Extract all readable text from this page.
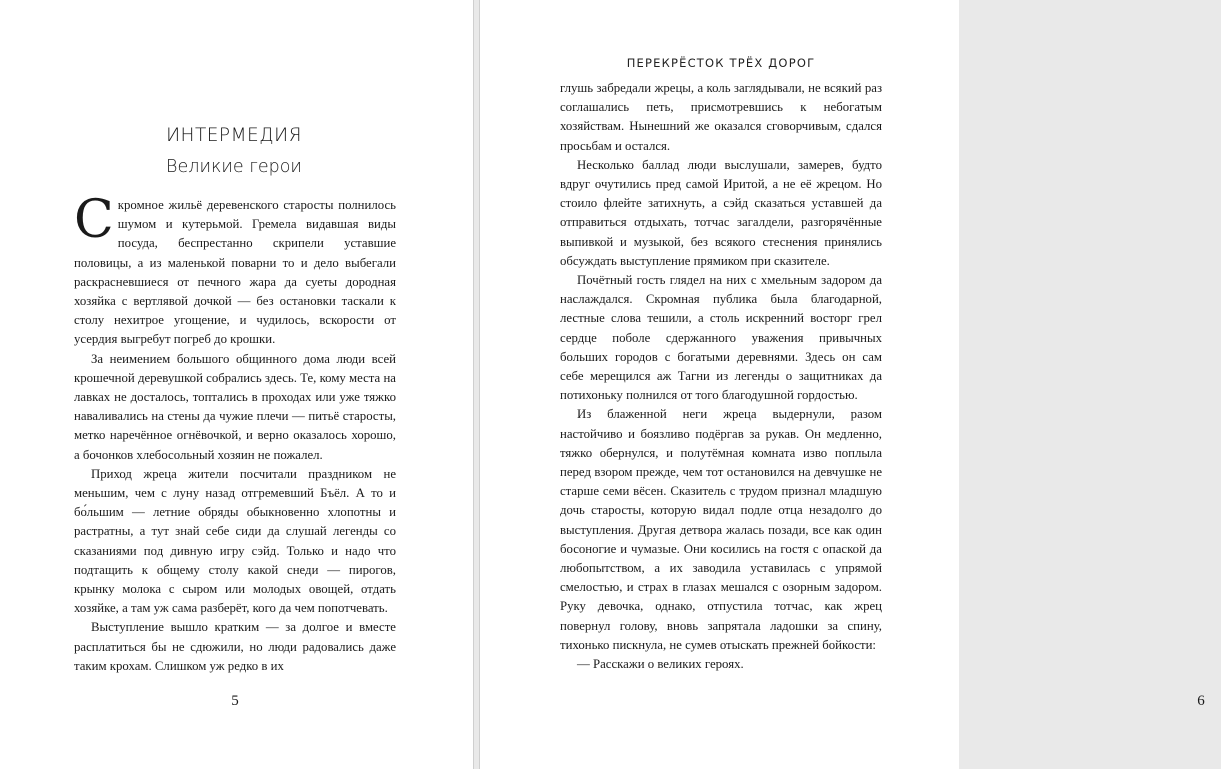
ИНТЕРМЕДИЯ
Великие герои

Скромное жильё деревенского старосты полнилось шумом и кутерьмой. Гремела видавшая виды посуда, беспрестанно скрипели уставшие половицы, а из маленькой поварни то и дело выбегали раскрасневшиеся от печного жара да суеты дородная хозяйка с вертлявой дочкой — без остановки таскали к столу нехитрое угощение, и чудилось, вскорости от усердия выгребут погреб до крошки.

За неимением большого общинного дома люди всей крошечной деревушкой собрались здесь. Те, кому места на лавках не досталось, топтались в проходах или уже тяжко наваливались на стены да чужие плечи — питьё старосты, метко наречённое огнёвочкой, и верно оказалось хорошо, а бочонков хлебосольный хозяин не пожалел.

Приход жреца жители посчитали праздником не меньшим, чем с луну назад отгремевший Бъёл. А то и бо́льшим — летние обряды обыкновенно хлопотны и растратны, а тут знай себе сиди да слушай легенды со сказаниями под дивную игру сэйд. Только и надо что подтащить к общему столу какой снеди — пирогов, крынку молока с сыром или молодых овощей, отдать хозяйке, а там уж сама разберёт, кого да чем попотчевать.

Выступление вышло кратким — за долгое и вместе расплатиться бы не сдюжили, но люди радовались даже таким крохам. Слишком уж редко в их

5
ПЕРЕКРЁСТОК ТРЁХ ДОРОГ

глушь забредали жрецы, а коль заглядывали, не всякий раз соглашались петь, присмотревшись к небогатым хозяйствам. Нынешний же оказался сговорчивым, сдался просьбам и остался.

Несколько баллад люди выслушали, замерев, будто вдруг очутились пред самой Иритой, а не её жрецом. Но стоило флейте затихнуть, а сэйд сказаться уставшей да отправиться отдыхать, тотчас загалдели, разгорячённые выпивкой и музыкой, без всякого стеснения принялись обсуждать выступление прямиком при сказителе.

Почётный гость глядел на них с хмельным задором да наслаждался. Скромная публика была благодарной, лестные слова тешили, а столь искренний восторг грел сердце поболе сдержанного уважения привычных больших городов с богатыми деревнями. Здесь он сам себе мерещился аж Тагни из легенды о защитниках да потихоньку полнился от того благодушной гордостью.

Из блаженной неги жреца выдернули, разом настойчиво и боязливо подёргав за рукав. Он медленно, тяжко обернулся, и полутёмная комната изво поплыла перед взором прежде, чем тот остановился на девчушке не старше семи вёсен. Сказитель с трудом признал младшую дочь старосты, которую видал подле отца незадолго до выступления. Другая детвора жалась позади, все как один босоногие и чумазые. Они косились на гостя с опаской да любопытством, а их заводила уставилась с упрямой смелостью, и страх в глазах мешался с озорным задором. Руку девочка, однако, отпустила тотчас, как жрец повернул голову, вновь запрятала ладошки за спину, тихонько пискнула, не сумев отыскать прежней бойкости:

— Расскажи о великих героях.

6
